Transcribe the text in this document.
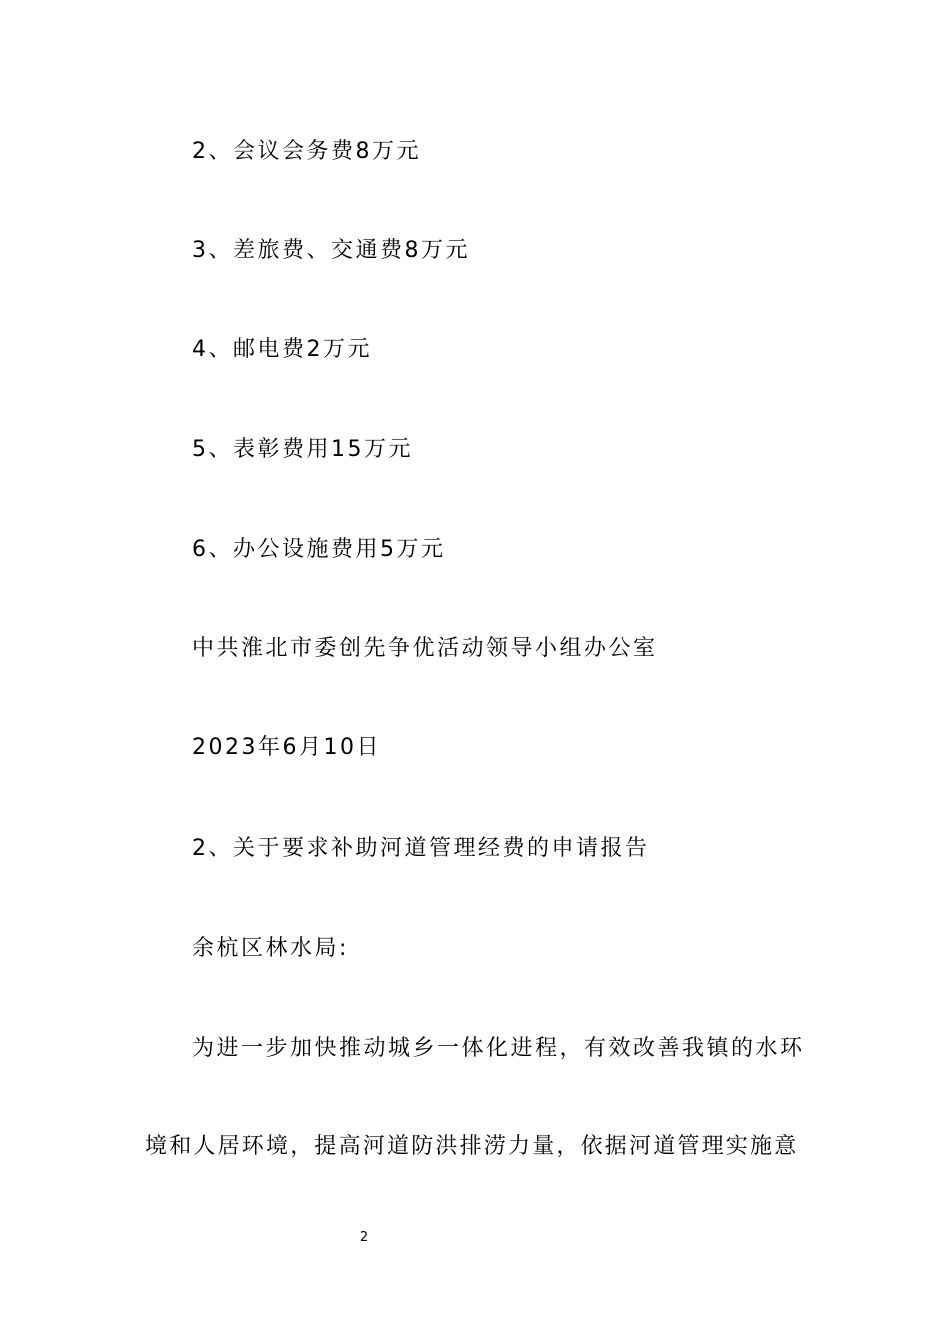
2、会议会务费8万元
3、差旅费、交通费8万元
4、邮电费2万元
5、表彰费用15万元
6、办公设施费用5万元
中共淮北市委创先争优活动领导小组办公室
2023年6月10日
2、关于要求补助河道管理经费的申请报告
余杭区林水局:
为进一步加快推动城乡一体化进程，有效改善我镇的水环
境和人居环境，提高河道防洪排涝力量，依据河道管理实施意
2
